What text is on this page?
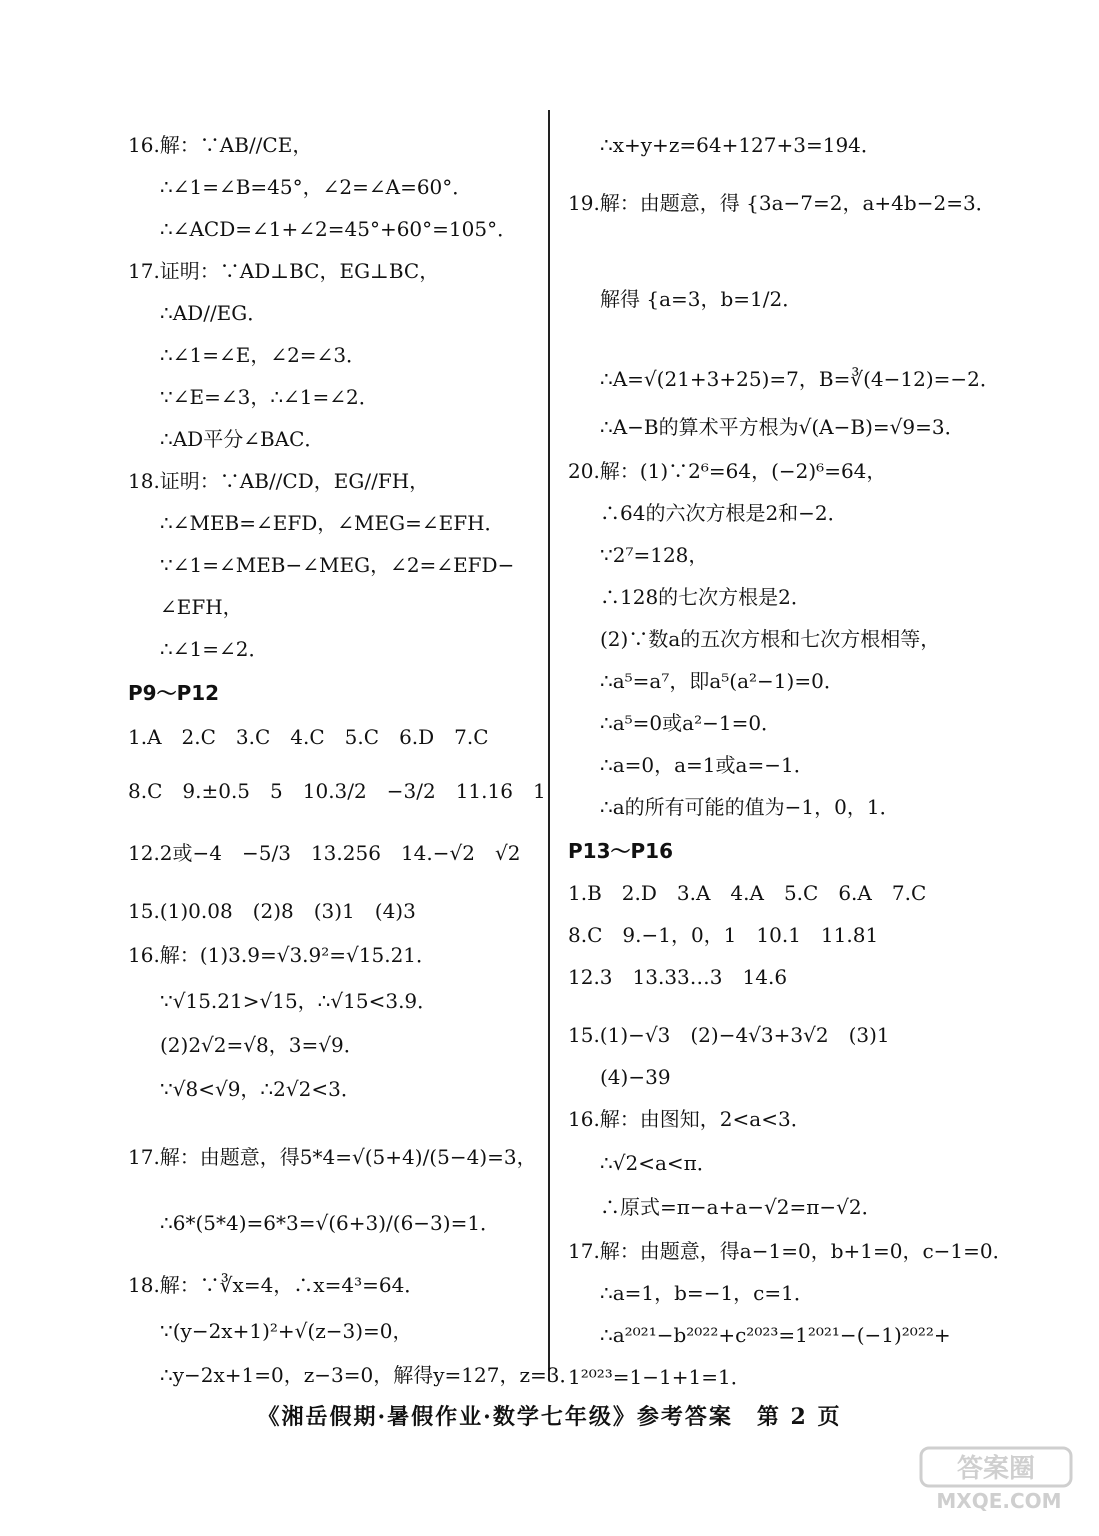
16.解：∵AB//CE，
∴∠1=∠B=45°，∠2=∠A=60°．
∴∠ACD=∠1+∠2=45°+60°=105°．
17.证明：∵AD⊥BC，EG⊥BC，
∴AD//EG．
∴∠1=∠E，∠2=∠3．
∵∠E=∠3，∴∠1=∠2．
∴AD平分∠BAC．
18.证明：∵AB//CD，EG//FH，
∴∠MEB=∠EFD，∠MEG=∠EFH．
∵∠1=∠MEB−∠MEG，∠2=∠EFD−
∠EFH，
∴∠1=∠2．
P9～P12
1.A　2.C　3.C　4.C　5.C　6.D　7.C
8.C　9.±0.5　5　10.3/2　−3/2　11.16　1
12.2或−4　−5/3　13.256　14.−√2　√2
15.(1)0.08　(2)8　(3)1　(4)3
16.解：(1)3.9=√3.9²=√15.21．
∵√15.21>√15，∴√15<3.9．
(2)2√2=√8，3=√9．
∵√8<√9，∴2√2<3．
17.解：由题意，得5*4=√(5+4)/(5−4)=3，
∴6*(5*4)=6*3=√(6+3)/(6−3)=1．
18.解：∵∛x=4，∴x=4³=64．
∵(y−2x+1)²+√(z−3)=0，
∴y−2x+1=0，z−3=0，解得y=127，z=3．
∴x+y+z=64+127+3=194．
19.解：由题意，得 {3a−7=2，a+4b−2=3．
解得 {a=3，b=1/2．
∴A=√(21+3+25)=7，B=∛(4−12)=−2．
∴A−B的算术平方根为√(A−B)=√9=3．
20.解：(1)∵2⁶=64，(−2)⁶=64，
∴64的六次方根是2和−2．
∵2⁷=128，
∴128的七次方根是2．
(2)∵数a的五次方根和七次方根相等，
∴a⁵=a⁷，即a⁵(a²−1)=0．
∴a⁵=0或a²−1=0．
∴a=0，a=1或a=−1．
∴a的所有可能的值为−1，0，1．
P13～P16
1.B　2.D　3.A　4.A　5.C　6.A　7.C
8.C　9.−1，0，1　10.1　11.81
12.3　13.33…3　14.6
15.(1)−√3　(2)−4√3+3√2　(3)1
(4)−39
16.解：由图知，2<a<3．
∴√2<a<π．
∴原式=π−a+a−√2=π−√2．
17.解：由题意，得a−1=0，b+1=0，c−1=0．
∴a=1，b=−1，c=1．
∴a²⁰²¹−b²⁰²²+c²⁰²³=1²⁰²¹−(−1)²⁰²²+
1²⁰²³=1−1+1=1．
《湘岳假期·暑假作业·数学七年级》参考答案　第 2 页
答案圈
MXQE.COM
